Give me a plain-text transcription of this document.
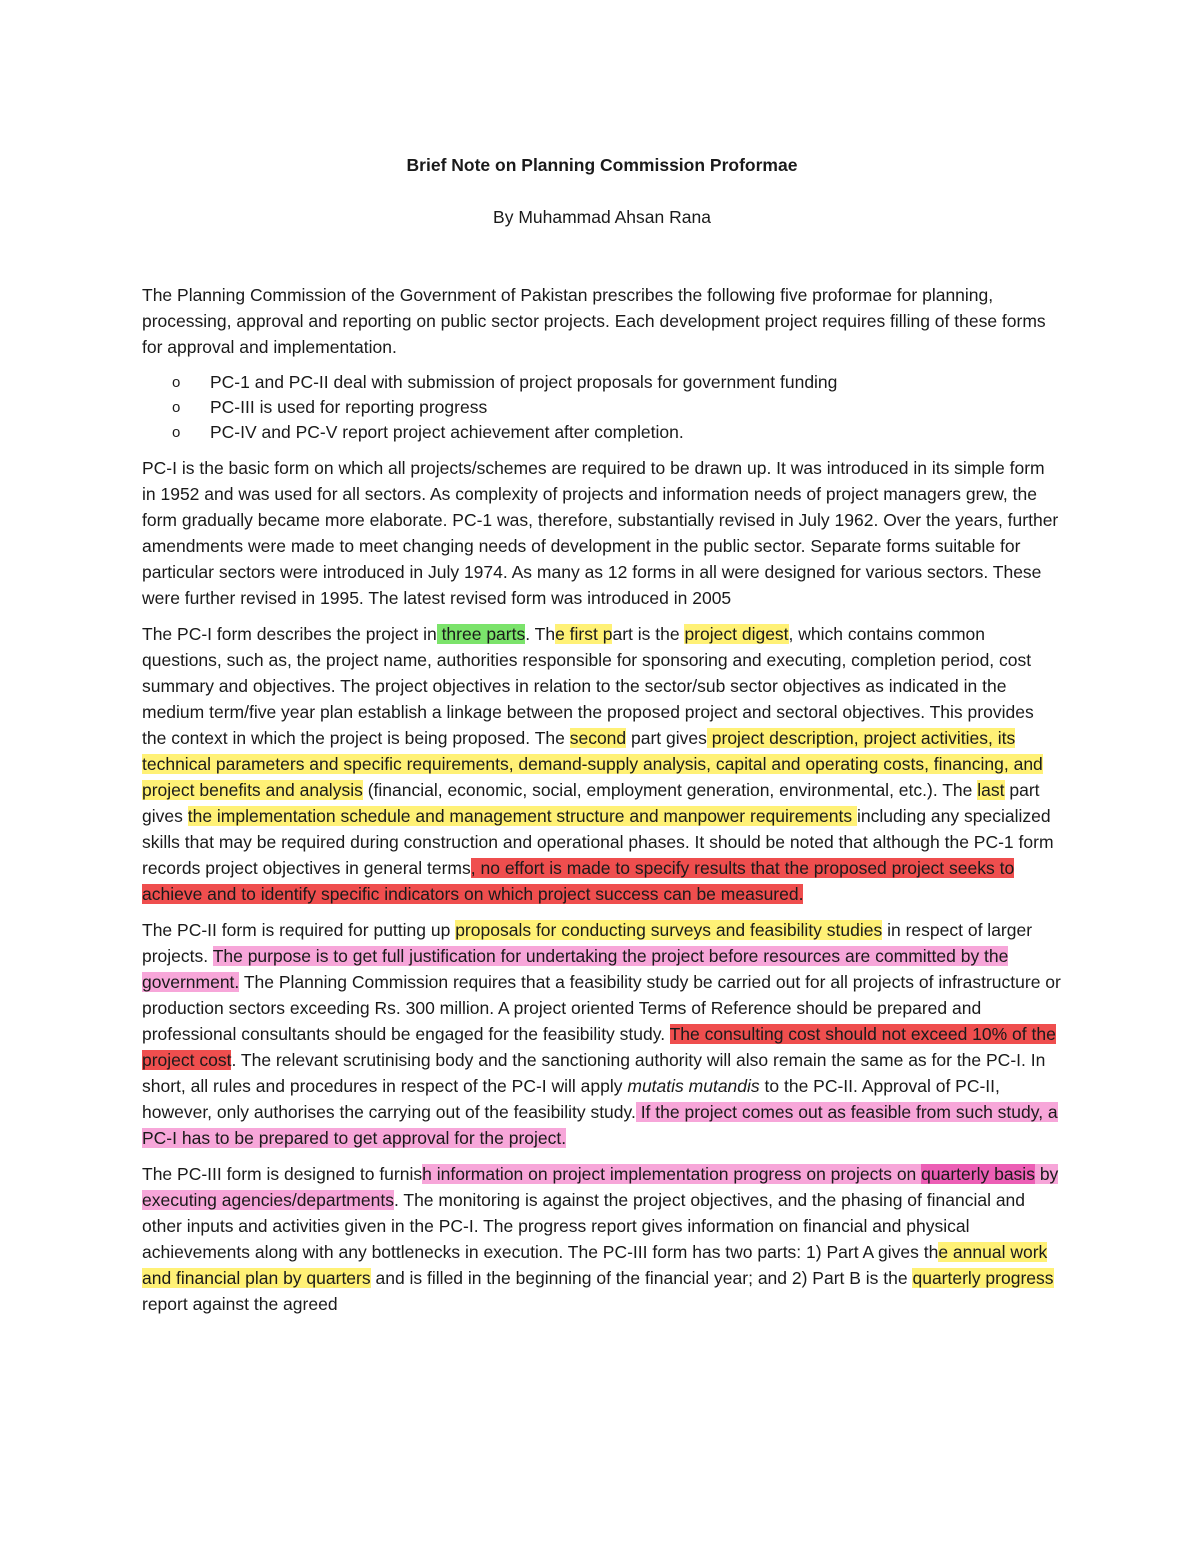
Brief Note on Planning Commission Proformae
By Muhammad Ahsan Rana

The Planning Commission of the Government of Pakistan prescribes the following five proformae for planning, processing, approval and reporting on public sector projects. Each development project requires filling of these forms for approval and implementation.

o PC-1 and PC-II deal with submission of project proposals for government funding
o PC-III is used for reporting progress
o PC-IV and PC-V report project achievement after completion.

PC-I is the basic form on which all projects/schemes are required to be drawn up. It was introduced in its simple form in 1952 and was used for all sectors. As complexity of projects and information needs of project managers grew, the form gradually became more elaborate. PC-1 was, therefore, substantially revised in July 1962. Over the years, further amendments were made to meet changing needs of development in the public sector. Separate forms suitable for particular sectors were introduced in July 1974. As many as 12 forms in all were designed for various sectors. These were further revised in 1995. The latest revised form was introduced in 2005

The PC-I form describes the project in three parts. The first part is the project digest, which contains common questions, such as, the project name, authorities responsible for sponsoring and executing, completion period, cost summary and objectives. The project objectives in relation to the sector/sub sector objectives as indicated in the medium term/five year plan establish a linkage between the proposed project and sectoral objectives. This provides the context in which the project is being proposed. The second part gives project description, project activities, its technical parameters and specific requirements, demand-supply analysis, capital and operating costs, financing, and project benefits and analysis (financial, economic, social, employment generation, environmental, etc.). The last part gives the implementation schedule and management structure and manpower requirements including any specialized skills that may be required during construction and operational phases. It should be noted that although the PC-1 form records project objectives in general terms, no effort is made to specify results that the proposed project seeks to achieve and to identify specific indicators on which project success can be measured.

The PC-II form is required for putting up proposals for conducting surveys and feasibility studies in respect of larger projects. The purpose is to get full justification for undertaking the project before resources are committed by the government. The Planning Commission requires that a feasibility study be carried out for all projects of infrastructure or production sectors exceeding Rs. 300 million. A project oriented Terms of Reference should be prepared and professional consultants should be engaged for the feasibility study. The consulting cost should not exceed 10% of the project cost. The relevant scrutinising body and the sanctioning authority will also remain the same as for the PC-I. In short, all rules and procedures in respect of the PC-I will apply mutatis mutandis to the PC-II. Approval of PC-II, however, only authorises the carrying out of the feasibility study. If the project comes out as feasible from such study, a PC-I has to be prepared to get approval for the project.

The PC-III form is designed to furnish information on project implementation progress on projects on quarterly basis by executing agencies/departments. The monitoring is against the project objectives, and the phasing of financial and other inputs and activities given in the PC-I. The progress report gives information on financial and physical achievements along with any bottlenecks in execution. The PC-III form has two parts: 1) Part A gives the annual work and financial plan by quarters and is filled in the beginning of the financial year; and 2) Part B is the quarterly progress report against the agreed
